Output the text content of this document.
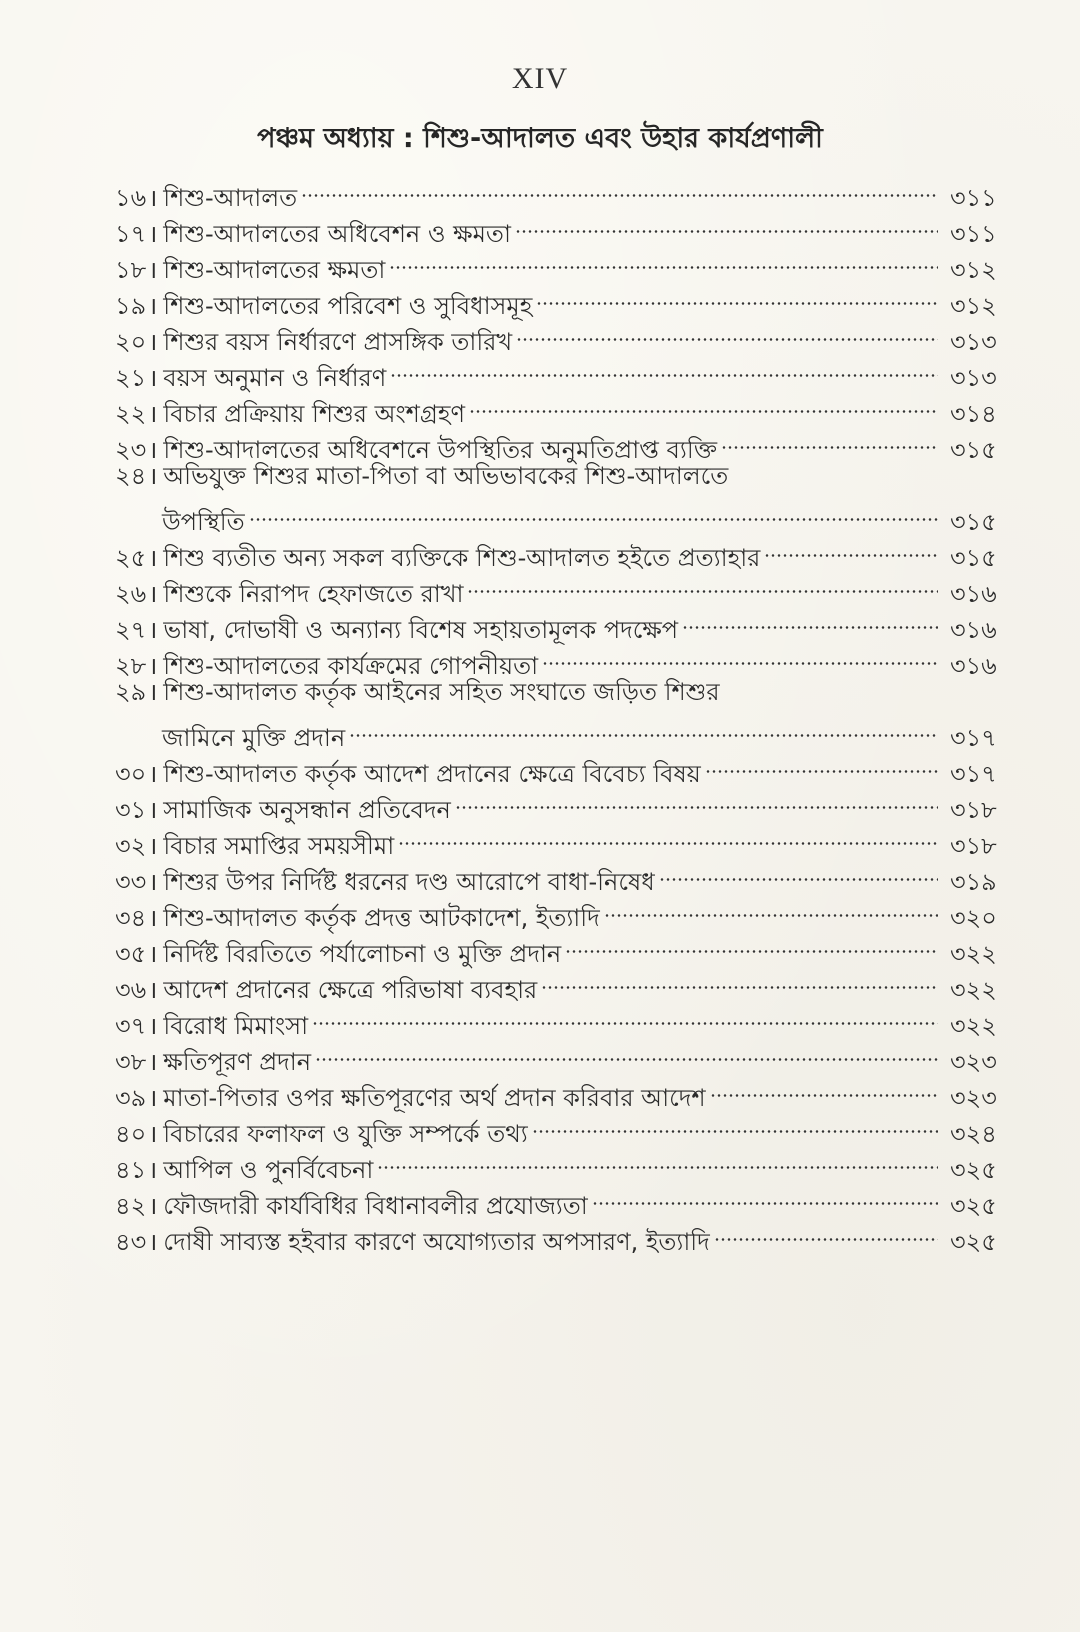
XIV
পঞ্চম অধ্যায় : শিশু-আদালত এবং উহার কার্যপ্রণালী
১৬ । শিশু-আদালত	৩১১
১৭ । শিশু-আদালতের অধিবেশন ও ক্ষমতা	৩১১
১৮ । শিশু-আদালতের ক্ষমতা	৩১২
১৯ । শিশু-আদালতের পরিবেশ ও সুবিধাসমূহ	৩১২
২০ । শিশুর বয়স নির্ধারণে প্রাসঙ্গিক তারিখ	৩১৩
২১ । বয়স অনুমান ও নির্ধারণ	৩১৩
২২ । বিচার প্রক্রিয়ায় শিশুর অংশগ্রহণ	৩১৪
২৩ । শিশু-আদালতের অধিবেশনে উপস্থিতির অনুমতিপ্রাপ্ত ব্যক্তি	৩১৫
২৪ । অভিযুক্ত শিশুর মাতা-পিতা বা অভিভাবকের শিশু-আদালতে
উপস্থিতি	৩১৫
২৫ । শিশু ব্যতীত অন্য সকল ব্যক্তিকে শিশু-আদালত হইতে প্রত্যাহার	৩১৫
২৬ । শিশুকে নিরাপদ হেফাজতে রাখা	৩১৬
২৭ । ভাষা, দোভাষী ও অন্যান্য বিশেষ সহায়তামূলক পদক্ষেপ	৩১৬
২৮ । শিশু-আদালতের কার্যক্রমের গোপনীয়তা	৩১৬
২৯ । শিশু-আদালত কর্তৃক আইনের সহিত সংঘাতে জড়িত শিশুর
জামিনে মুক্তি প্রদান	৩১৭
৩০ । শিশু-আদালত কর্তৃক আদেশ প্রদানের ক্ষেত্রে বিবেচ্য বিষয়	৩১৭
৩১ । সামাজিক অনুসন্ধান প্রতিবেদন	৩১৮
৩২ । বিচার সমাপ্তির সময়সীমা	৩১৮
৩৩ । শিশুর উপর নির্দিষ্ট ধরনের দণ্ড আরোপে বাধা-নিষেধ	৩১৯
৩৪ । শিশু-আদালত কর্তৃক প্রদত্ত আটকাদেশ, ইত্যাদি	৩২০
৩৫ । নির্দিষ্ট বিরতিতে পর্যালোচনা ও মুক্তি প্রদান	৩২২
৩৬ । আদেশ প্রদানের ক্ষেত্রে পরিভাষা ব্যবহার	৩২২
৩৭ । বিরোধ মিমাংসা	৩২২
৩৮ । ক্ষতিপূরণ প্রদান	৩২৩
৩৯ । মাতা-পিতার ওপর ক্ষতিপূরণের অর্থ প্রদান করিবার আদেশ	৩২৩
৪০ । বিচারের ফলাফল ও যুক্তি সম্পর্কে তথ্য	৩২৪
৪১ । আপিল ও পুনর্বিবেচনা	৩২৫
৪২ । ফৌজদারী কার্যবিধির বিধানাবলীর প্রযোজ্যতা	৩২৫
৪৩ । দোষী সাব্যস্ত হইবার কারণে অযোগ্যতার অপসারণ, ইত্যাদি	৩২৫
